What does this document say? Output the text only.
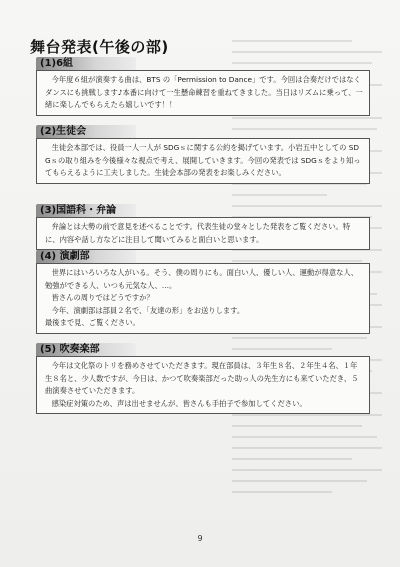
舞台発表(午後の部)
(1)6組

今年度６組が演奏する曲は、BTS の「Permission to Dance」です。今回は合奏だけではなくダンスにも挑戦します♪本番に向けて一生懸命練習を重ねてきました。当日はリズムに乗って、一緒に楽しんでもらえたら嬉しいです！！

(2)生徒会

生徒会本部では、役員一人一人が SDGｓに関する公約を掲げています。小岩五中としての SDGｓの取り組みを今後様々な視点で考え、展開していきます。今回の発表では SDGｓをより知ってもらえるように工夫しました。生徒会本部の発表をお楽しみください。

(3)国語科・弁論

弁論とは大勢の前で意見を述べることです。代表生徒の堂々とした発表をご覧ください。特に、内容や話し方などに注目して聞いてみると面白いと思います。

(4) 演劇部

世界にはいろいろな人がいる。そう、僕の周りにも。面白い人、優しい人、運動が得意な人、勉強ができる人、いつも元気な人、…。

皆さんの周りではどうですか？

今年、演劇部は部員２名で、「友達の形」をお送りします。

最後まで見、ご覧ください。

(5) 吹奏楽部

今年は文化祭のトリを務めさせていただきます。現在部員は、３年生８名、２年生４名、１年生８名と、少人数ですが、今日は、かつて吹奏楽部だった助っ人の先生方にも来ていただき、５曲演奏させていただきます。

感染症対策のため、声は出せませんが、皆さんも手拍子で参加してください。

9
